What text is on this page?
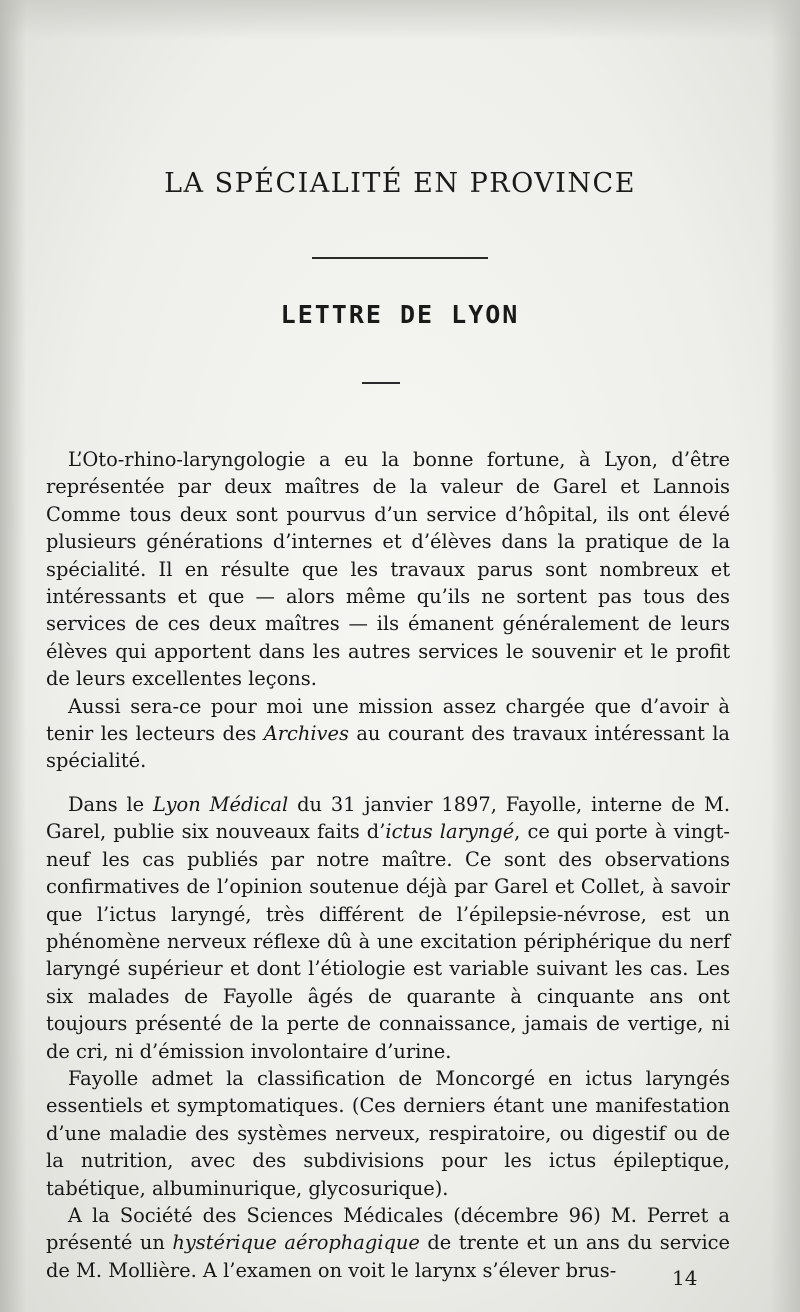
LA SPÉCIALITÉ EN PROVINCE
LETTRE DE LYON

L’Oto-rhino-laryngologie a eu la bonne fortune, à Lyon, d’être représentée par deux maîtres de la valeur de Garel et Lannois Comme tous deux sont pourvus d’un service d’hôpital, ils ont élevé plusieurs générations d’internes et d’élèves dans la pratique de la spécialité. Il en résulte que les travaux parus sont nombreux et intéressants et que — alors même qu’ils ne sortent pas tous des services de ces deux maîtres — ils émanent généralement de leurs élèves qui apportent dans les autres services le souvenir et le profit de leurs excellentes leçons.

Aussi sera-ce pour moi une mission assez chargée que d’avoir à tenir les lecteurs des Archives au courant des travaux intéressant la spécialité.

Dans le Lyon Médical du 31 janvier 1897, Fayolle, interne de M. Garel, publie six nouveaux faits d’ictus laryngé, ce qui porte à vingt-neuf les cas publiés par notre maître. Ce sont des observations confirmatives de l’opinion soutenue déjà par Garel et Collet, à savoir que l’ictus laryngé, très différent de l’épilepsie-névrose, est un phénomène nerveux réflexe dû à une excitation périphérique du nerf laryngé supérieur et dont l’étiologie est variable suivant les cas. Les six malades de Fayolle âgés de quarante à cinquante ans ont toujours présenté de la perte de connaissance, jamais de vertige, ni de cri, ni d’émission involontaire d’urine.

Fayolle admet la classification de Moncorgé en ictus laryngés essentiels et symptomatiques. (Ces derniers étant une manifestation d’une maladie des systèmes nerveux, respiratoire, ou digestif ou de la nutrition, avec des subdivisions pour les ictus épileptique, tabétique, albuminurique, glycosurique).

A la Société des Sciences Médicales (décembre 96) M. Perret a présenté un hystérique aérophagique de trente et un ans du service de M. Mollière. A l’examen on voit le larynx s’élever brus-	14
